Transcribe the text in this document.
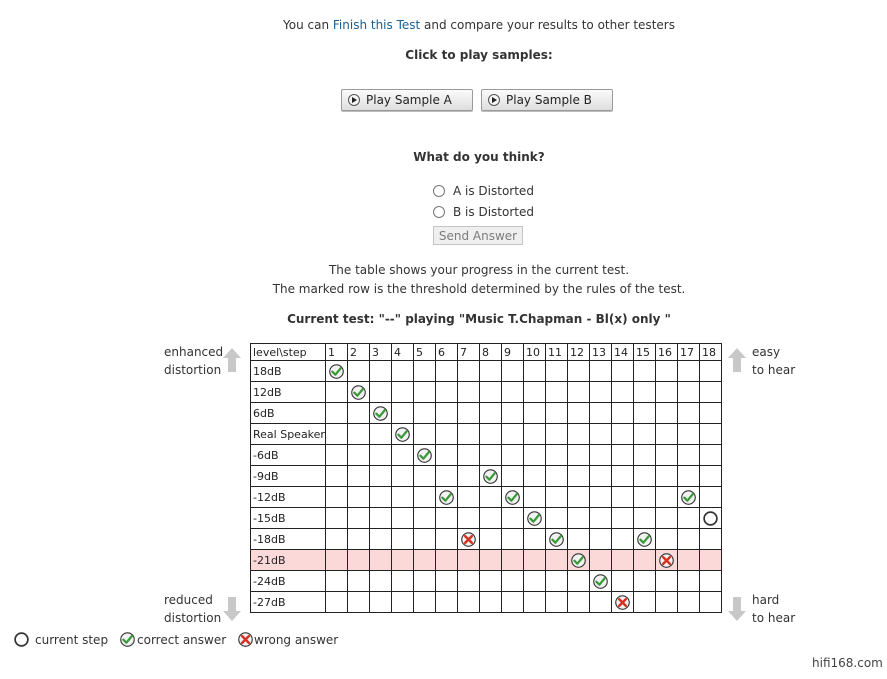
You can Finish this Test and compare your results to other testers
Click to play samples:
Play Sample A	Play Sample B
What do you think?
A is Distorted
B is Distorted
Send Answer
The table shows your progress in the current test.
The marked row is the threshold determined by the rules of the test.
Current test: "--" playing "Music T.Chapman - Bl(x) only "
enhanced
distortion
easy
to hear
reduced
distortion
hard
to hear
level\step	1	2	3	4	5	6	7	8	9	10	11	12	13	14	15	16	17	18
18dB																		
12dB																		
6dB																		
Real Speaker																		
-6dB																		
-9dB																		
-12dB																		
-15dB																		
-18dB																		
-21dB																		
-24dB																		
-27dB																		
current step correct answer wrong answer
hifi168.com
